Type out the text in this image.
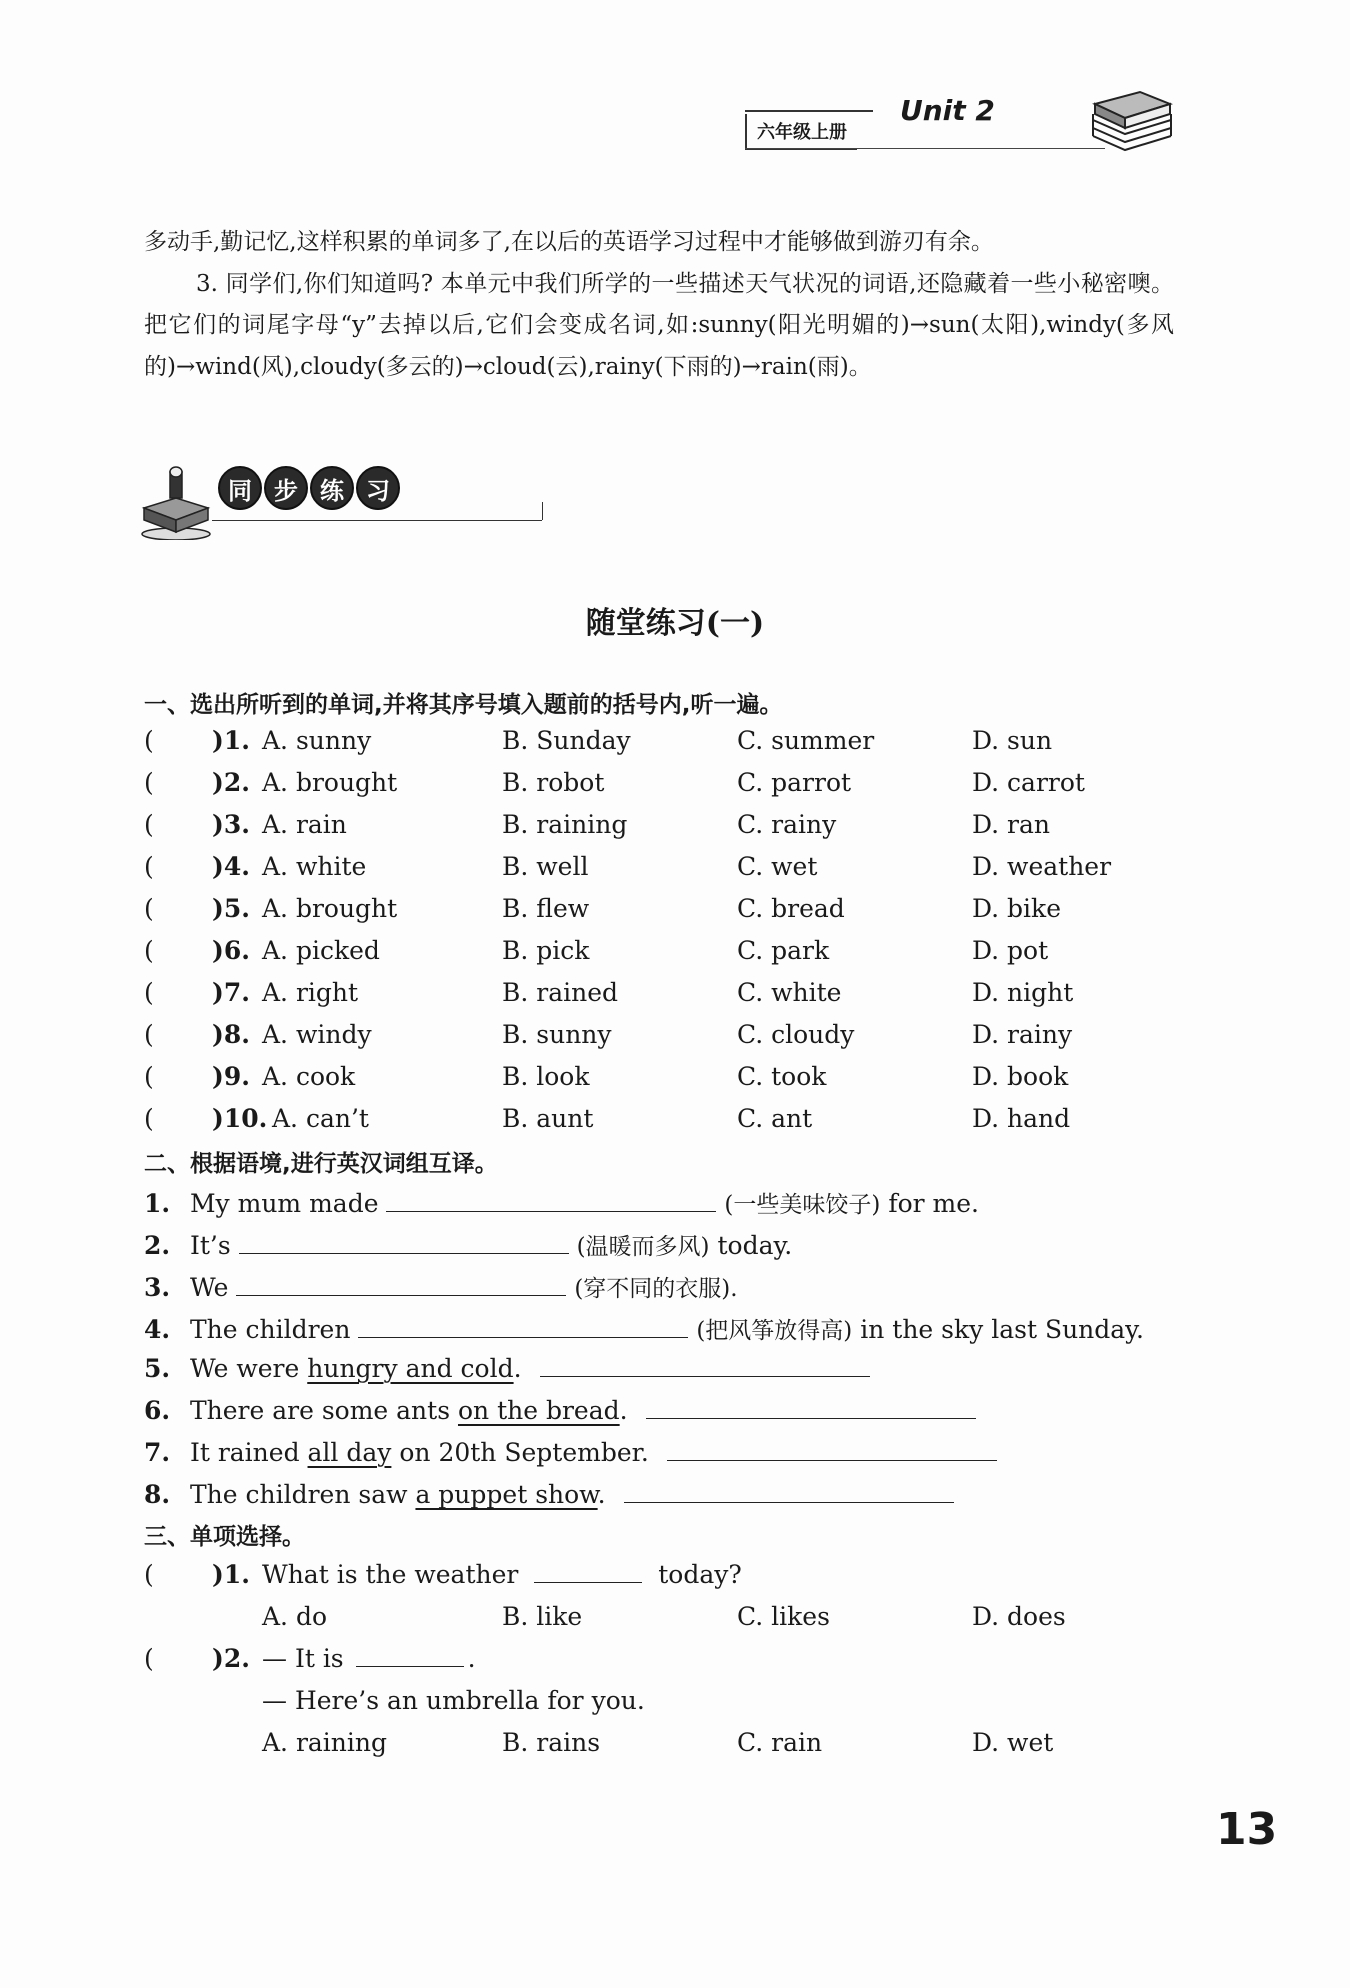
六年级上册
Unit 2

多动手,勤记忆,这样积累的单词多了,在以后的英语学习过程中才能够做到游刃有余。

3. 同学们,你们知道吗? 本单元中我们所学的一些描述天气状况的词语,还隐藏着一些小秘密噢。把它们的词尾字母“y”去掉以后,它们会变成名词,如:sunny(阳光明媚的)→sun(太阳),windy(多风的)→wind(风),cloudy(多云的)→cloud(云),rainy(下雨的)→rain(雨)。

同 步 练 习
随堂练习(一)
一、选出所听到的单词,并将其序号填入题前的括号内,听一遍。
( )1. A. sunny	B. Sunday	C. summer	D. sun
( )2. A. brought	B. robot	C. parrot	D. carrot
( )3. A. rain	B. raining	C. rainy	D. ran
( )4. A. white	B. well	C. wet	D. weather
( )5. A. brought	B. flew	C. bread	D. bike
( )6. A. picked	B. pick	C. park	D. pot
( )7. A. right	B. rained	C. white	D. night
( )8. A. windy	B. sunny	C. cloudy	D. rainy
( )9. A. cook	B. look	C. took	D. book
( )10. A. can’t	B. aunt	C. ant	D. hand
二、根据语境,进行英汉词组互译。
1. My mum made	(一些美味饺子) for me.
2. It’s	(温暖而多风) today.
3. We	(穿不同的衣服).
4. The children	(把风筝放得高) in the sky last Sunday.
5. We were hungry and cold.
6. There are some ants on the bread.
7. It rained all day on 20th September.
8. The children saw a puppet show.
三、单项选择。
( )1. What is the weather	today?
A. do	B. like	C. likes	D. does
( )2. — It is	.
— Here’s an umbrella for you.
A. raining	B. rains	C. rain	D. wet
13
